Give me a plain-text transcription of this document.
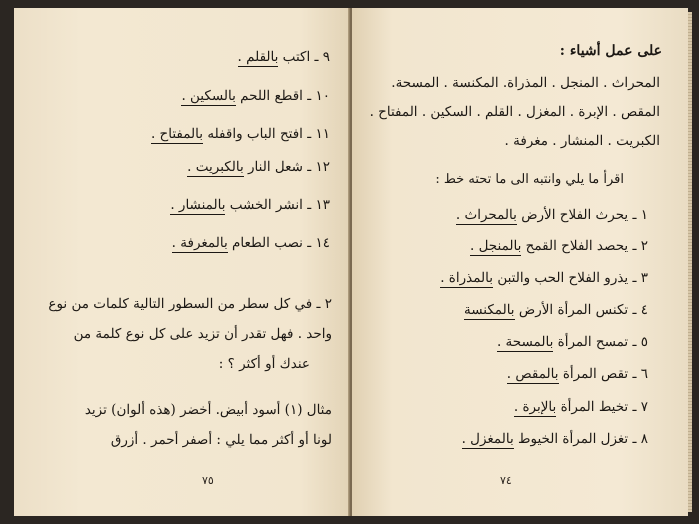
٩ ـ اكتب بالقلم .
١٠ ـ اقطع اللحم بالسكين .
١١ ـ افتح الباب واقفله بالمفتاح .
١٢ ـ شعل النار بالكبريت .
١٣ ـ انشر الخشب بالمنشار .
١٤ ـ نصب الطعام بالمغرفة .
٢ ـ في كل سطر من السطور التالية كلمات من نوع
واحد . فهل تقدر أن تزيد على كل نوع كلمة من
عندك أو أكثر ؟ :
مثال (١) أسود أبيض. أخضر (هذه ألوان) تزيد
لونا أو أكثر مما يلي : أصفر أحمر . أزرق
٧٥
على عمل أشياء :
المحراث . المنجل . المذراة. المكنسة . المسحة.
المقص . الإبرة . المغزل . القلم . السكين . المفتاح .
الكبريت . المنشار . مغرفة .
اقرأ ما يلي وانتبه الى ما تحته خط :
١ ـ يحرث الفلاح الأرض بالمحراث .
٢ ـ يحصد الفلاح القمح بالمنجل .
٣ ـ يذرو الفلاح الحب والتبن بالمذراة .
٤ ـ تكنس المرأة الأرض بالمكنسة
٥ ـ تمسح المرأة بالمسحة .
٦ ـ تقص المرأة بالمقص .
٧ ـ تخيط المرأة بالإبرة .
٨ ـ تغزل المرأة الخيوط بالمغزل .
٧٤
